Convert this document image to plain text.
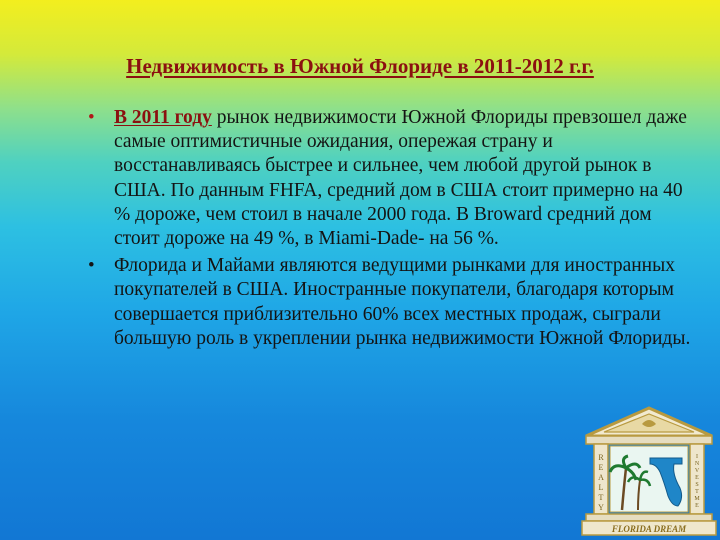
Недвижимость в Южной Флориде в 2011-2012 г.г.
• В 2011 году рынок недвижимости Южной Флориды превзошел даже самые оптимистичные ожидания, опережая страну и восстанавливаясь быстрее и сильнее, чем любой другой рынок в США. По данным FHFA, средний дом в США стоит примерно на 40 % дороже, чем стоил в начале 2000 года. В Broward средний дом стоит дороже на 49 %, в Miami-Dade- на 56 %.
• Флорида и Майами являются ведущими рынками для иностранных покупателей в США. Иностранные покупатели, благодаря которым совершается приблизительно 60% всех местных продаж, сыграли большую роль в укреплении рынка недвижимости Южной Флориды.
R
E
A
L
T
Y
I
N
V
E
S
T
M
E
FLORIDA DREAM
